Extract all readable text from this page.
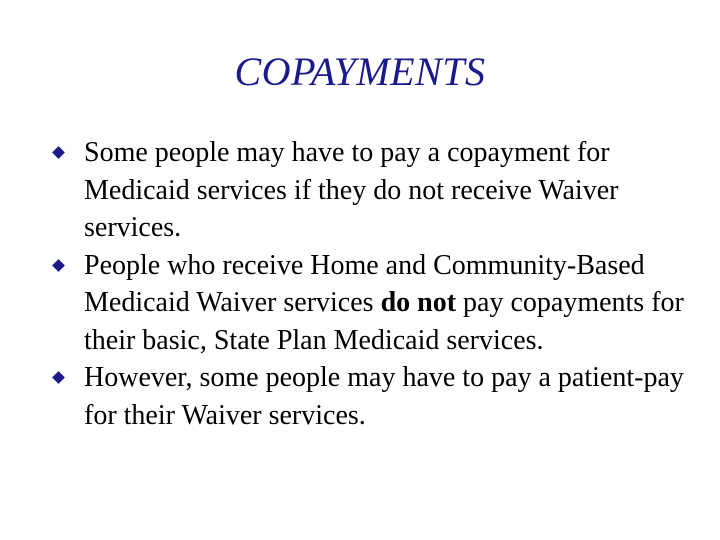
COPAYMENTS
Some people may have to pay a copayment for Medicaid services if they do not receive Waiver services.
People who receive Home and Community-Based Medicaid Waiver services do not pay copayments for their basic, State Plan Medicaid services.
However, some people may have to pay a patient-pay for their Waiver services.
